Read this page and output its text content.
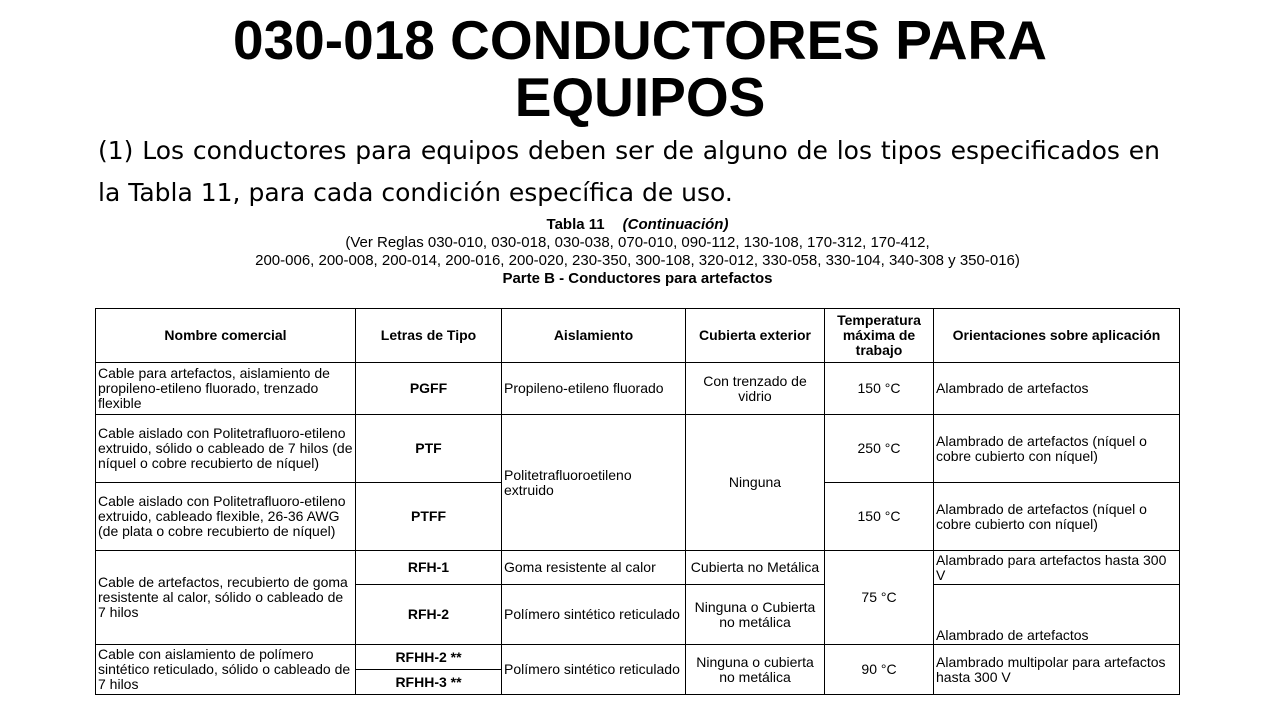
030-018 CONDUCTORES PARA
EQUIPOS

(1) Los conductores para equipos deben ser de alguno de los tipos especificados en la Tabla 11, para cada condición específica de uso.

Tabla 11 (Continuación)
(Ver Reglas 030-010, 030-018, 030-038, 070-010, 090-112, 130-108, 170-312, 170-412,
200-006, 200-008, 200-014, 200-016, 200-020, 230-350, 300-108, 320-012, 330-058, 330-104, 340-308 y 350-016)
Parte B - Conductores para artefactos
Nombre comercial	Letras de Tipo	Aislamiento	Cubierta exterior	Temperatura máxima de trabajo	Orientaciones sobre aplicación
Cable para artefactos, aislamiento de propileno-etileno fluorado, trenzado flexible	PGFF	Propileno-etileno fluorado	Con trenzado de vidrio	150 °C	Alambrado de artefactos
Cable aislado con Politetrafluoro-etileno extruido, sólido o cableado de 7 hilos (de níquel o cobre recubierto de níquel)	PTF	Politetrafluoroetileno extruido	Ninguna	250 °C	Alambrado de artefactos (níquel o cobre cubierto con níquel)
Cable aislado con Politetrafluoro-etileno extruido, cableado flexible, 26-36 AWG (de plata o cobre recubierto de níquel)	PTFF			150 °C	Alambrado de artefactos (níquel o cobre cubierto con níquel)
Cable de artefactos, recubierto de goma resistente al calor, sólido o cableado de 7 hilos	RFH-1	Goma resistente al calor	Cubierta no Metálica	75 °C	Alambrado para artefactos hasta 300 V
	RFH-2	Polímero sintético reticulado	Ninguna o Cubierta no metálica		Alambrado de artefactos
Cable con aislamiento de polímero sintético reticulado, sólido o cableado de 7 hilos	RFHH-2 **	Polímero sintético reticulado	Ninguna o cubierta no metálica	90 °C	Alambrado multipolar para artefactos hasta 300 V
	RFHH-3 **				
